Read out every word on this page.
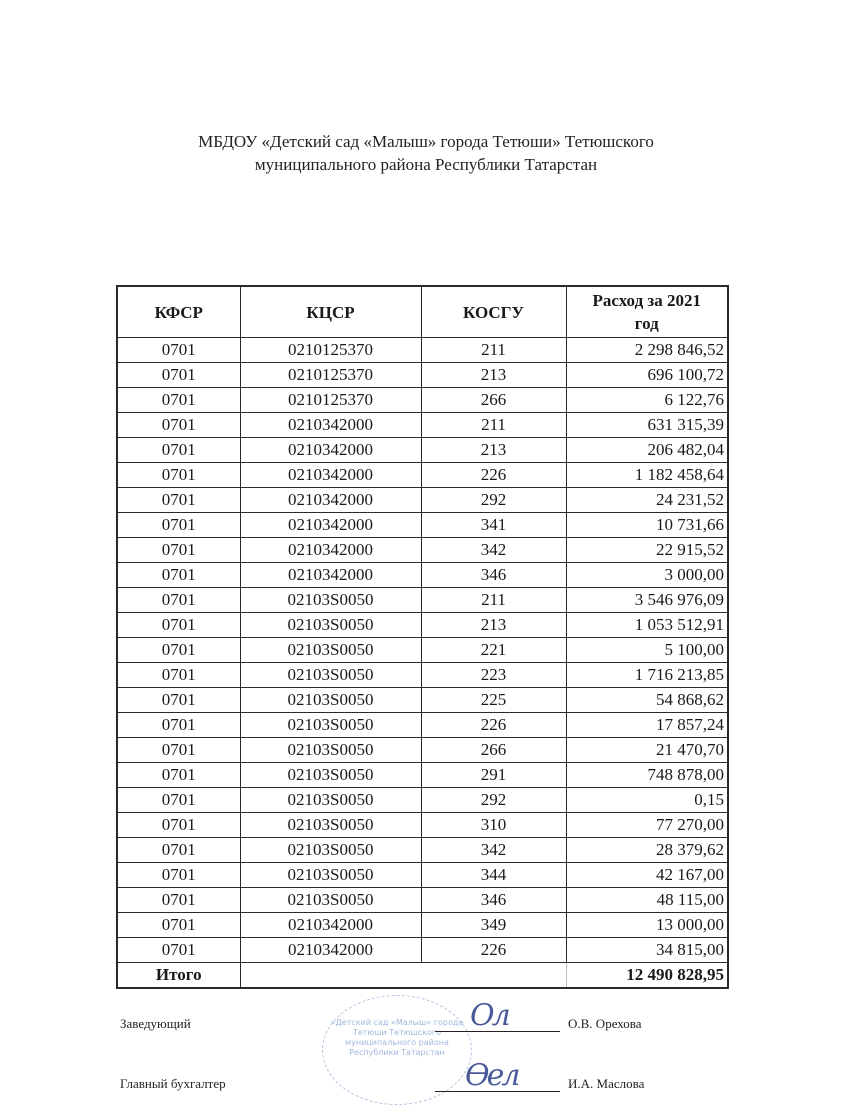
МБДОУ «Детский сад «Малыш» города Тетюши» Тетюшского
муниципального района Республики Татарстан
КФСР	КЦСР	КОСГУ	Расход за 2021 год
0701	0210125370	211	2 298 846,52
0701	0210125370	213	696 100,72
0701	0210125370	266	6 122,76
0701	0210342000	211	631 315,39
0701	0210342000	213	206 482,04
0701	0210342000	226	1 182 458,64
0701	0210342000	292	24 231,52
0701	0210342000	341	10 731,66
0701	0210342000	342	22 915,52
0701	0210342000	346	3 000,00
0701	02103S0050	211	3 546 976,09
0701	02103S0050	213	1 053 512,91
0701	02103S0050	221	5 100,00
0701	02103S0050	223	1 716 213,85
0701	02103S0050	225	54 868,62
0701	02103S0050	226	17 857,24
0701	02103S0050	266	21 470,70
0701	02103S0050	291	748 878,00
0701	02103S0050	292	0,15
0701	02103S0050	310	77 270,00
0701	02103S0050	342	28 379,62
0701	02103S0050	344	42 167,00
0701	02103S0050	346	48 115,00
0701	0210342000	349	13 000,00
0701	0210342000	226	34 815,00
Итого			12 490 828,95
«Детский сад «Малыш» города Тетюши Тетюшского муниципального района Республики Татарстан
Заведующий	Ол	О.В. Орехова
Главный бухгалтер	Ѳел	И.А. Маслова
